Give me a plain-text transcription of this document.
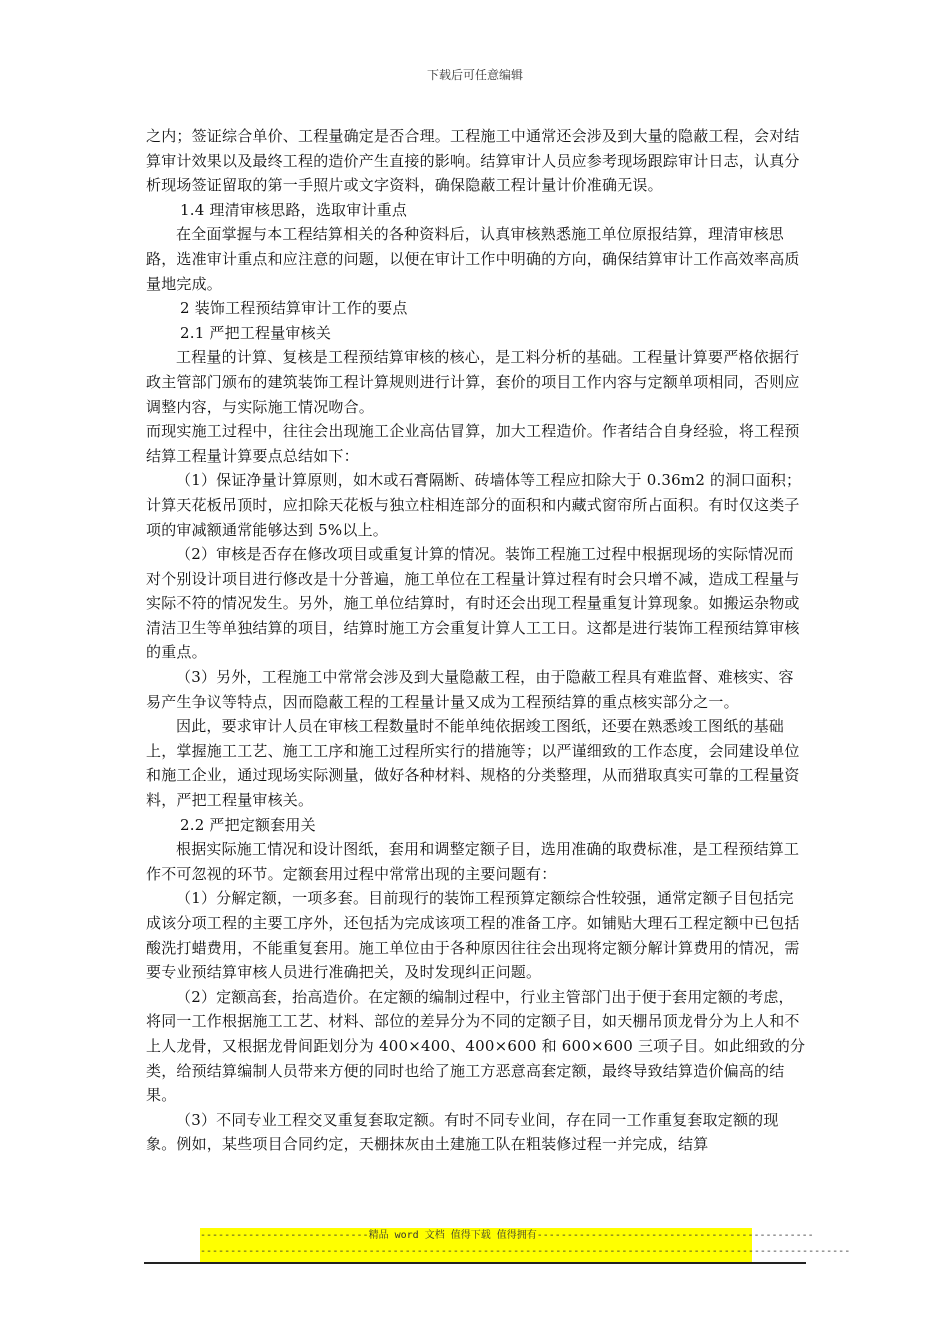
下载后可任意编辑

之内；签证综合单价、工程量确定是否合理。工程施工中通常还会涉及到大量的隐蔽工程，会对结算审计效果以及最终工程的造价产生直接的影响。结算审计人员应参考现场跟踪审计日志，认真分析现场签证留取的第一手照片或文字资料，确保隐蔽工程计量计价准确无误。

1.4 理清审核思路，选取审计重点

在全面掌握与本工程结算相关的各种资料后，认真审核熟悉施工单位原报结算，理清审核思路，选准审计重点和应注意的问题，以便在审计工作中明确的方向，确保结算审计工作高效率高质量地完成。

2 装饰工程预结算审计工作的要点

2.1 严把工程量审核关

工程量的计算、复核是工程预结算审核的核心，是工料分析的基础。工程量计算要严格依据行政主管部门颁布的建筑装饰工程计算规则进行计算，套价的项目工作内容与定额单项相同，否则应调整内容，与实际施工情况吻合。

而现实施工过程中，往往会出现施工企业高估冒算，加大工程造价。作者结合自身经验，将工程预结算工程量计算要点总结如下：

（1）保证净量计算原则，如木或石膏隔断、砖墙体等工程应扣除大于 0.36m2 的洞口面积；计算天花板吊顶时，应扣除天花板与独立柱相连部分的面积和内藏式窗帘所占面积。有时仅这类子项的审减额通常能够达到 5%以上。

（2）审核是否存在修改项目或重复计算的情况。装饰工程施工过程中根据现场的实际情况而对个别设计项目进行修改是十分普遍，施工单位在工程量计算过程有时会只增不减，造成工程量与实际不符的情况发生。另外，施工单位结算时，有时还会出现工程量重复计算现象。如搬运杂物或清洁卫生等单独结算的项目，结算时施工方会重复计算人工工日。这都是进行装饰工程预结算审核的重点。

（3）另外，工程施工中常常会涉及到大量隐蔽工程，由于隐蔽工程具有难监督、难核实、容易产生争议等特点，因而隐蔽工程的工程量计量又成为工程预结算的重点核实部分之一。

因此，要求审计人员在审核工程数量时不能单纯依据竣工图纸，还要在熟悉竣工图纸的基础上，掌握施工工艺、施工工序和施工过程所实行的措施等；以严谨细致的工作态度，会同建设单位和施工企业，通过现场实际测量，做好各种材料、规格的分类整理，从而猎取真实可靠的工程量资料，严把工程量审核关。

2.2 严把定额套用关

根据实际施工情况和设计图纸，套用和调整定额子目，选用准确的取费标准，是工程预结算工作不可忽视的环节。定额套用过程中常常出现的主要问题有：

（1）分解定额，一项多套。目前现行的装饰工程预算定额综合性较强，通常定额子目包括完成该分项工程的主要工序外，还包括为完成该项工程的准备工序。如铺贴大理石工程定额中已包括酸洗打蜡费用，不能重复套用。施工单位由于各种原因往往会出现将定额分解计算费用的情况，需要专业预结算审核人员进行准确把关，及时发现纠正问题。

（2）定额高套，抬高造价。在定额的编制过程中，行业主管部门出于便于套用定额的考虑，将同一工作根据施工工艺、材料、部位的差异分为不同的定额子目，如天棚吊顶龙骨分为上人和不上人龙骨，又根据龙骨间距划分为 400×400、400×600 和 600×600 三项子目。如此细致的分类，给预结算编制人员带来方便的同时也给了施工方恶意高套定额，最终导致结算造价偏高的结果。

（3）不同专业工程交叉重复套取定额。有时不同专业间，存在同一工作重复套取定额的现象。例如，某些项目合同约定，天棚抹灰由土建施工队在粗装修过程一并完成，结算

----------------------------精品 word 文档 值得下载 值得拥有----------------------------------------------
------------------------------------------------------------------------------------------------------------
